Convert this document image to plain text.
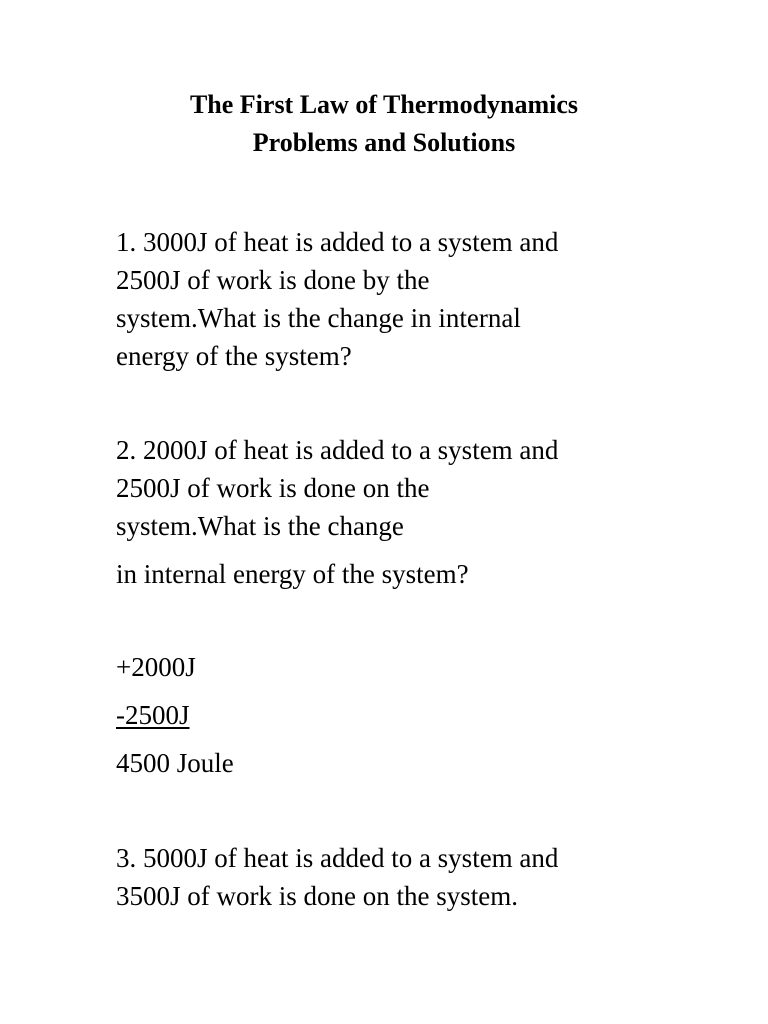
The First Law of Thermodynamics
Problems and Solutions
1. 3000J of heat is added to a system and
2500J of work is done by the
system.What is the change in internal
energy of the system?
2. 2000J of heat is added to a system and
2500J of work is done on the
system.What is the change
in internal energy of the system?
+2000J
-2500J
4500 Joule
3. 5000J of heat is added to a system and
3500J of work is done on the system.
